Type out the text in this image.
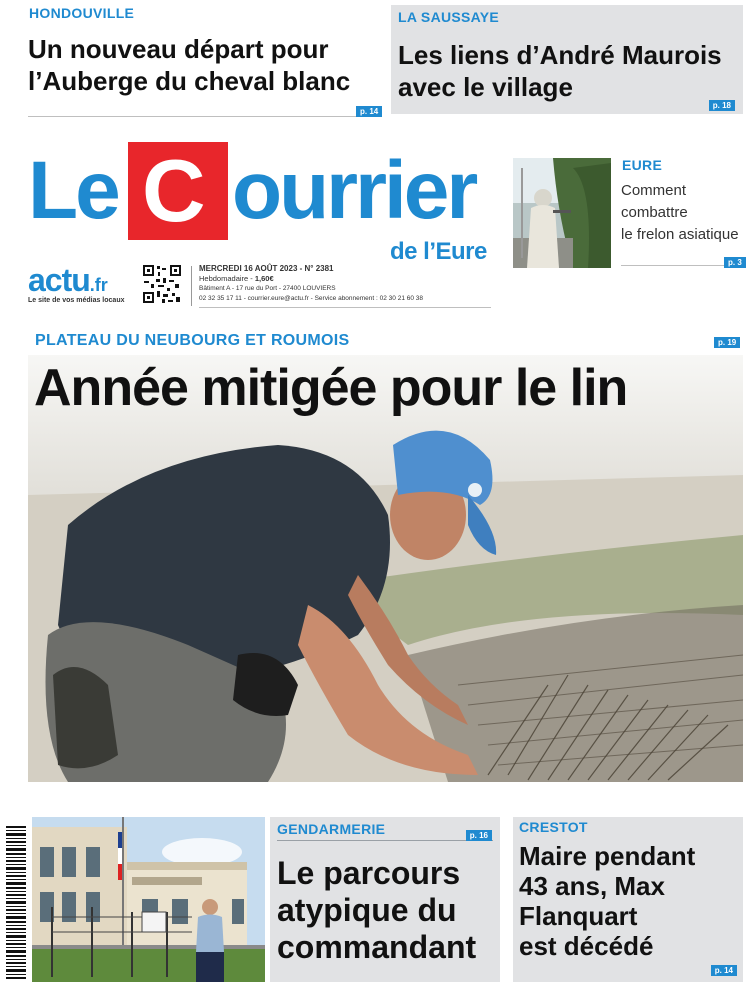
HONDOUVILLE
Un nouveau départ pour
l’Auberge du cheval blanc
p. 14
LA SAUSSAYE
Les liens d’André Maurois
avec le village
p. 18
Le C ourrier
de l’Eure
actu.fr
Le site de vos médias locaux
MERCREDI 16 AOÛT 2023 - N° 2381
Hebdomadaire - 1,60€
Bâtiment A - 17 rue du Port - 27400 LOUVIERS
02 32 35 17 11 - courrier.eure@actu.fr - Service abonnement : 02 30 21 60 38
EURE
Comment
combattre
le frelon asiatique
p. 3
PLATEAU DU NEUBOURG ET ROUMOIS	p. 19
Année mitigée pour le lin
GENDARMERIE	p. 16
Le parcours
atypique du
commandant
CRESTOT
Maire pendant
43 ans, Max
Flanquart
est décédé
p. 14
